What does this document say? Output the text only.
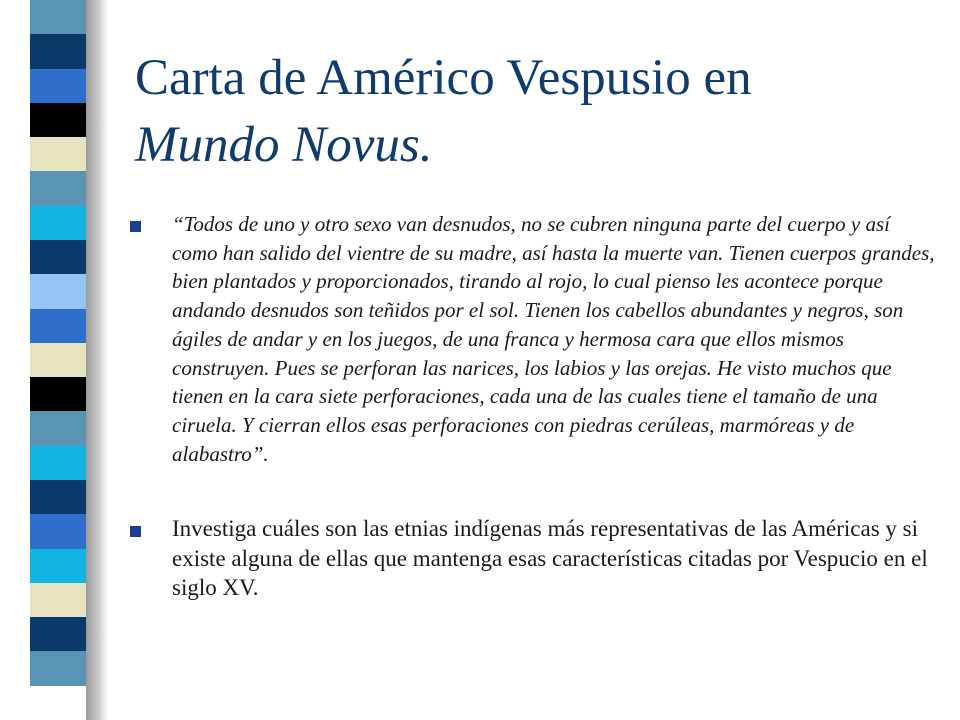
Carta de Américo Vespusio en
Mundo Novus.
“Todos de uno y otro sexo van desnudos, no se cubren ninguna parte del cuerpo y así como han salido del vientre de su madre, así hasta la muerte van. Tienen cuerpos grandes, bien plantados y proporcionados, tirando al rojo, lo cual pienso les acontece porque andando desnudos son teñidos por el sol. Tienen los cabellos abundantes y negros, son ágiles de andar y en los juegos, de una franca y hermosa cara que ellos mismos construyen. Pues se perforan las narices, los labios y las orejas. He visto muchos que tienen en la cara siete perforaciones, cada una de las cuales tiene el tamaño de una ciruela. Y cierran ellos esas perforaciones con piedras cerúleas, marmóreas y de alabastro”.
Investiga cuáles son las etnias indígenas más representativas de las Américas y si existe alguna de ellas que mantenga esas características citadas por Vespucio en el siglo XV.
